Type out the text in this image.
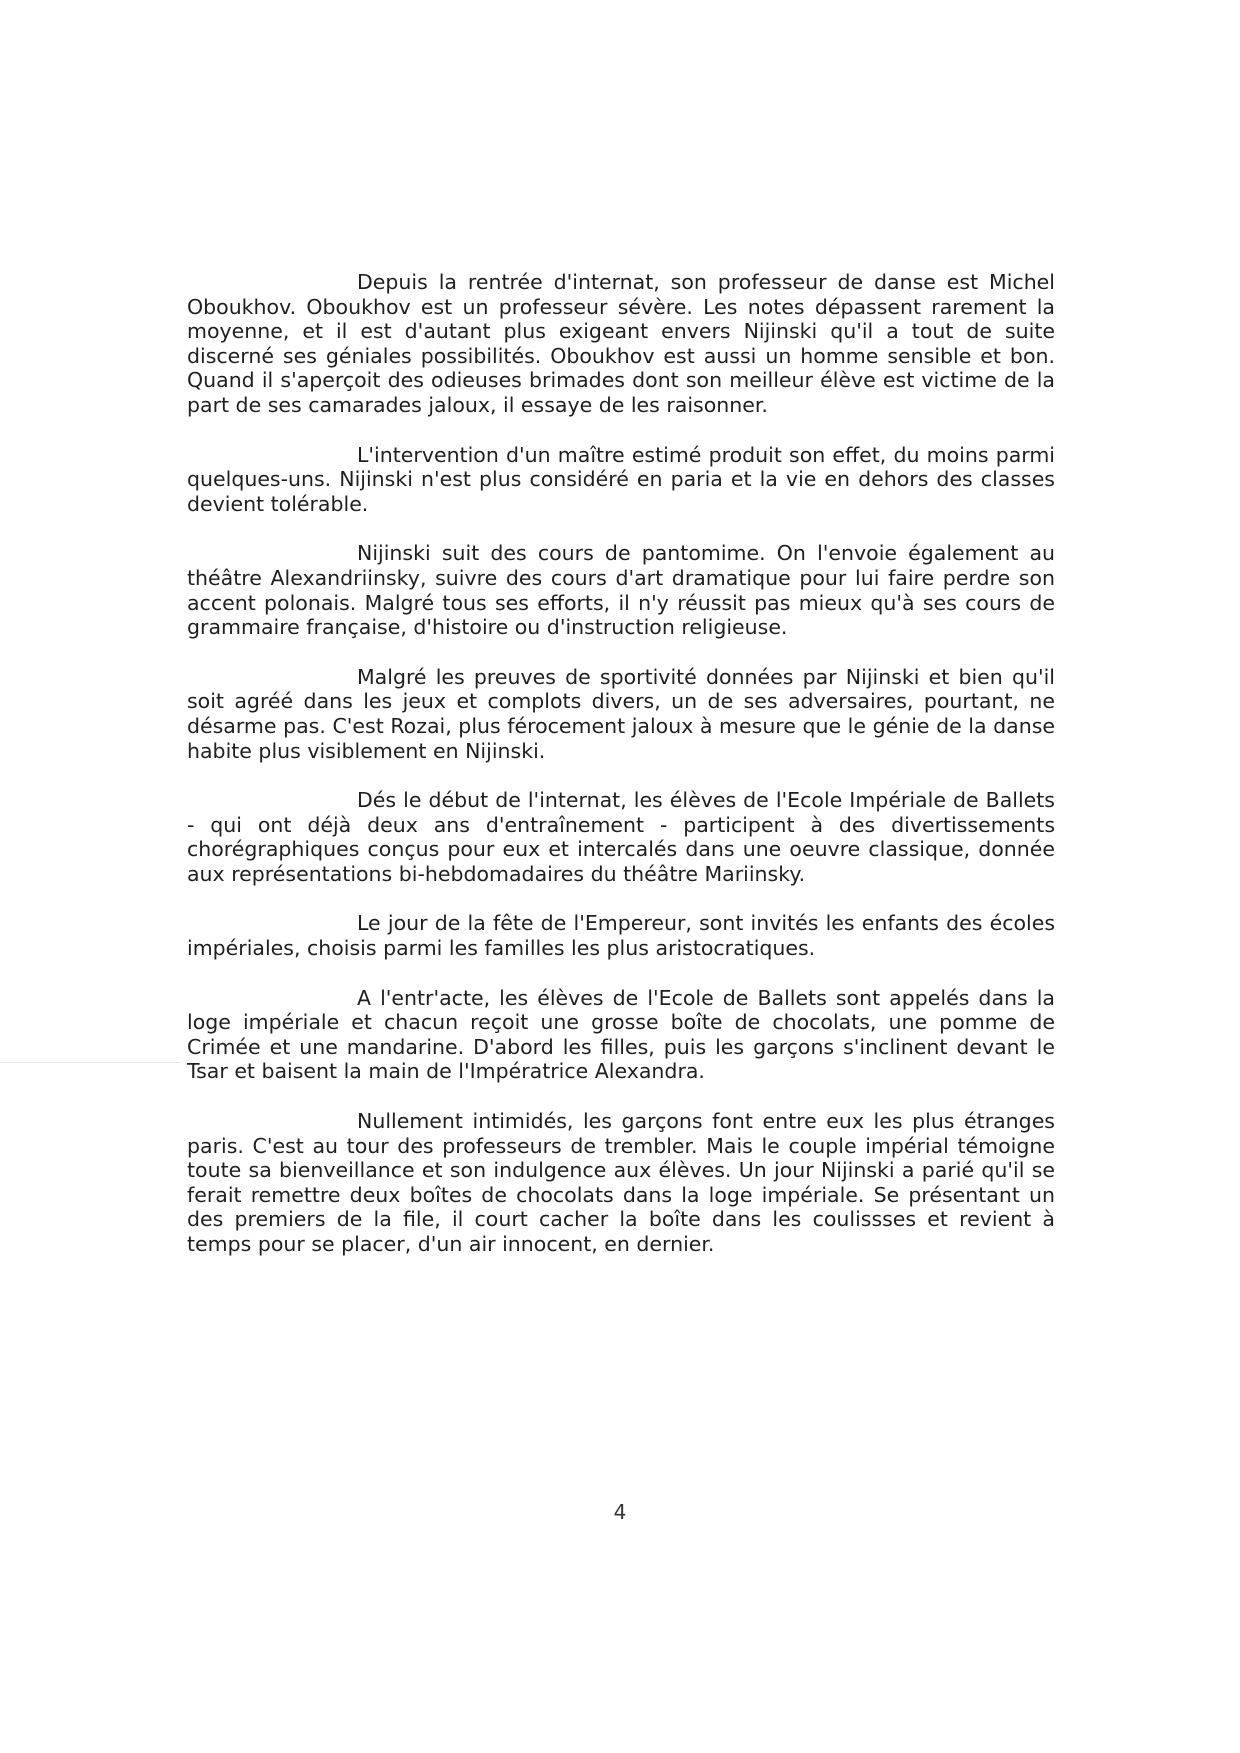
Depuis la rentrée d'internat, son professeur de danse est Michel Oboukhov. Oboukhov est un professeur sévère. Les notes dépassent rarement la moyenne, et il est d'autant plus exigeant envers Nijinski qu'il a tout de suite discerné ses géniales possibilités. Oboukhov est aussi un homme sensible et bon. Quand il s'aperçoit des odieuses brimades dont son meilleur élève est victime de la part de ses camarades jaloux, il essaye de les raisonner.

L'intervention d'un maître estimé produit son effet, du moins parmi quelques-uns. Nijinski n'est plus considéré en paria et la vie en dehors des classes devient tolérable.

Nijinski suit des cours de pantomime. On l'envoie également au théâtre Alexandriinsky, suivre des cours d'art dramatique pour lui faire perdre son accent polonais. Malgré tous ses efforts, il n'y réussit pas mieux qu'à ses cours de grammaire française, d'histoire ou d'instruction religieuse.

Malgré les preuves de sportivité données par Nijinski et bien qu'il soit agréé dans les jeux et complots divers, un de ses adversaires, pourtant, ne désarme pas. C'est Rozai, plus férocement jaloux à mesure que le génie de la danse habite plus visiblement en Nijinski.

Dés le début de l'internat, les élèves de l'Ecole Impériale de Ballets - qui ont déjà deux ans d'entraînement - participent à des divertissements chorégraphiques conçus pour eux et intercalés dans une oeuvre classique, donnée aux représentations bi-hebdomadaires du théâtre Mariinsky.

Le jour de la fête de l'Empereur, sont invités les enfants des écoles impériales, choisis parmi les familles les plus aristocratiques.

A l'entr'acte, les élèves de l'Ecole de Ballets sont appelés dans la loge impériale et chacun reçoit une grosse boîte de chocolats, une pomme de Crimée et une mandarine. D'abord les filles, puis les garçons s'inclinent devant le Tsar et baisent la main de l'Impératrice Alexandra.

Nullement intimidés, les garçons font entre eux les plus étranges paris. C'est au tour des professeurs de trembler. Mais le couple impérial témoigne toute sa bienveillance et son indulgence aux élèves. Un jour Nijinski a parié qu'il se ferait remettre deux boîtes de chocolats dans la loge impériale. Se présentant un des premiers de la file, il court cacher la boîte dans les coulissses et revient à temps pour se placer, d'un air innocent, en dernier.

4
